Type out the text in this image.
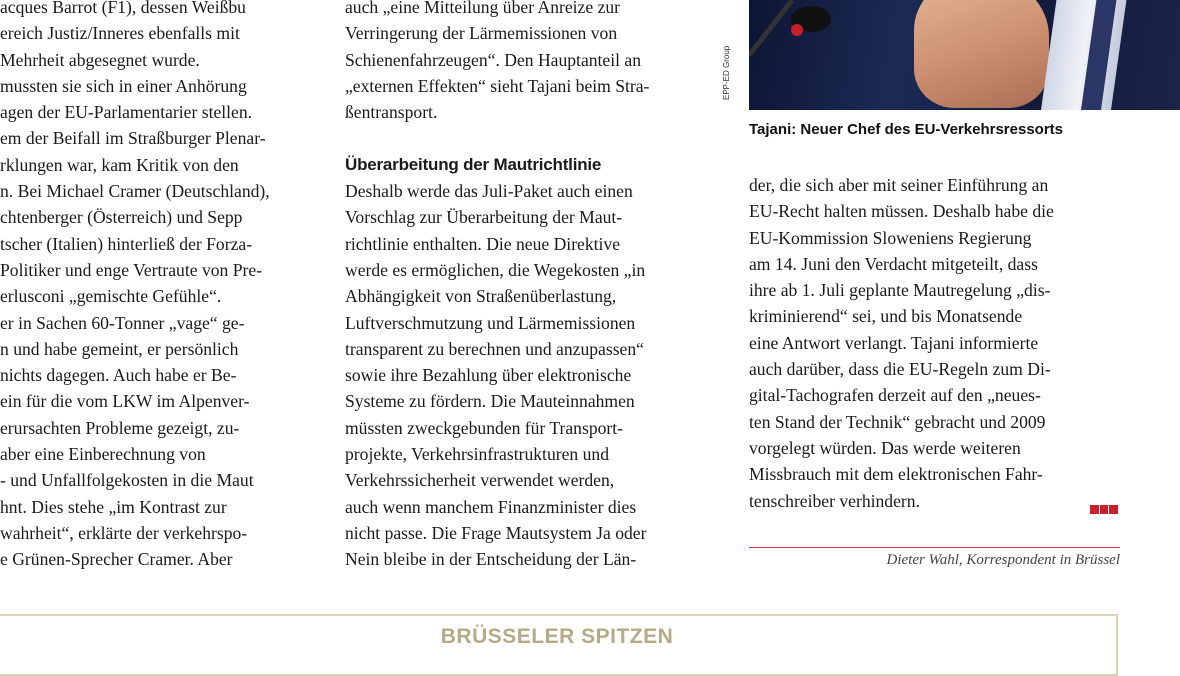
acques Barrot (F1), dessen Weißbu
ereich Justiz/Inneres ebenfalls mit
Mehrheit abgesegnet wurde.
mussten sie sich in einer Anhörung
agen der EU-Parlamentarier stellen.
em der Beifall im Straßburger Plenar-
rklungen war, kam Kritik von den
n. Bei Michael Cramer (Deutschland),
chtenberger (Österreich) und Sepp
tscher (Italien) hinterließ der Forza-
Politiker und enge Vertraute von Pre-
erlusconi „gemischte Gefühle“.
er in Sachen 60-Tonner „vage“ ge-
n und habe gemeint, er persönlich
nichts dagegen. Auch habe er Be-
ein für die vom LKW im Alpenver-
erursachten Probleme gezeigt, zu-
aber eine Einberechnung von
- und Unfallfolgekosten in die Maut
hnt. Dies stehe „im Kontrast zur
wahrheit“, erklärte der verkehrspo-
e Grünen-Sprecher Cramer. Aber
auch „eine Mitteilung über Anreize zur
Verringerung der Lärmemissionen von
Schienenfahrzeugen“. Den Hauptanteil an
„externen Effekten“ sieht Tajani beim Stra-
ßentransport.
Überarbeitung der Mautrichtlinie
Deshalb werde das Juli-Paket auch einen
Vorschlag zur Überarbeitung der Maut-
richtlinie enthalten. Die neue Direktive
werde es ermöglichen, die Wegekosten „in
Abhängigkeit von Straßenüberlastung,
Luftverschmutzung und Lärmemissionen
transparent zu berechnen und anzupassen“
sowie ihre Bezahlung über elektronische
Systeme zu fördern. Die Mauteinnahmen
müssten zweckgebunden für Transport-
projekte, Verkehrsinfrastrukturen und
Verkehrssicherheit verwendet werden,
auch wenn manchem Finanzminister dies
nicht passe. Die Frage Mautsystem Ja oder
Nein bleibe in der Entscheidung der Län-
EPP-ED Group
Tajani: Neuer Chef des EU-Verkehrsressorts
der, die sich aber mit seiner Einführung an
EU-Recht halten müssen. Deshalb habe die
EU-Kommission Sloweniens Regierung
am 14. Juni den Verdacht mitgeteilt, dass
ihre ab 1. Juli geplante Mautregelung „dis-
kriminierend“ sei, und bis Monatsende
eine Antwort verlangt. Tajani informierte
auch darüber, dass die EU-Regeln zum Di-
gital-Tachografen derzeit auf den „neues-
ten Stand der Technik“ gebracht und 2009
vorgelegt würden. Das werde weiteren
Missbrauch mit dem elektronischen Fahr-
tenschreiber verhindern.
Dieter Wahl, Korrespondent in Brüssel
BRÜSSELER SPITZEN
